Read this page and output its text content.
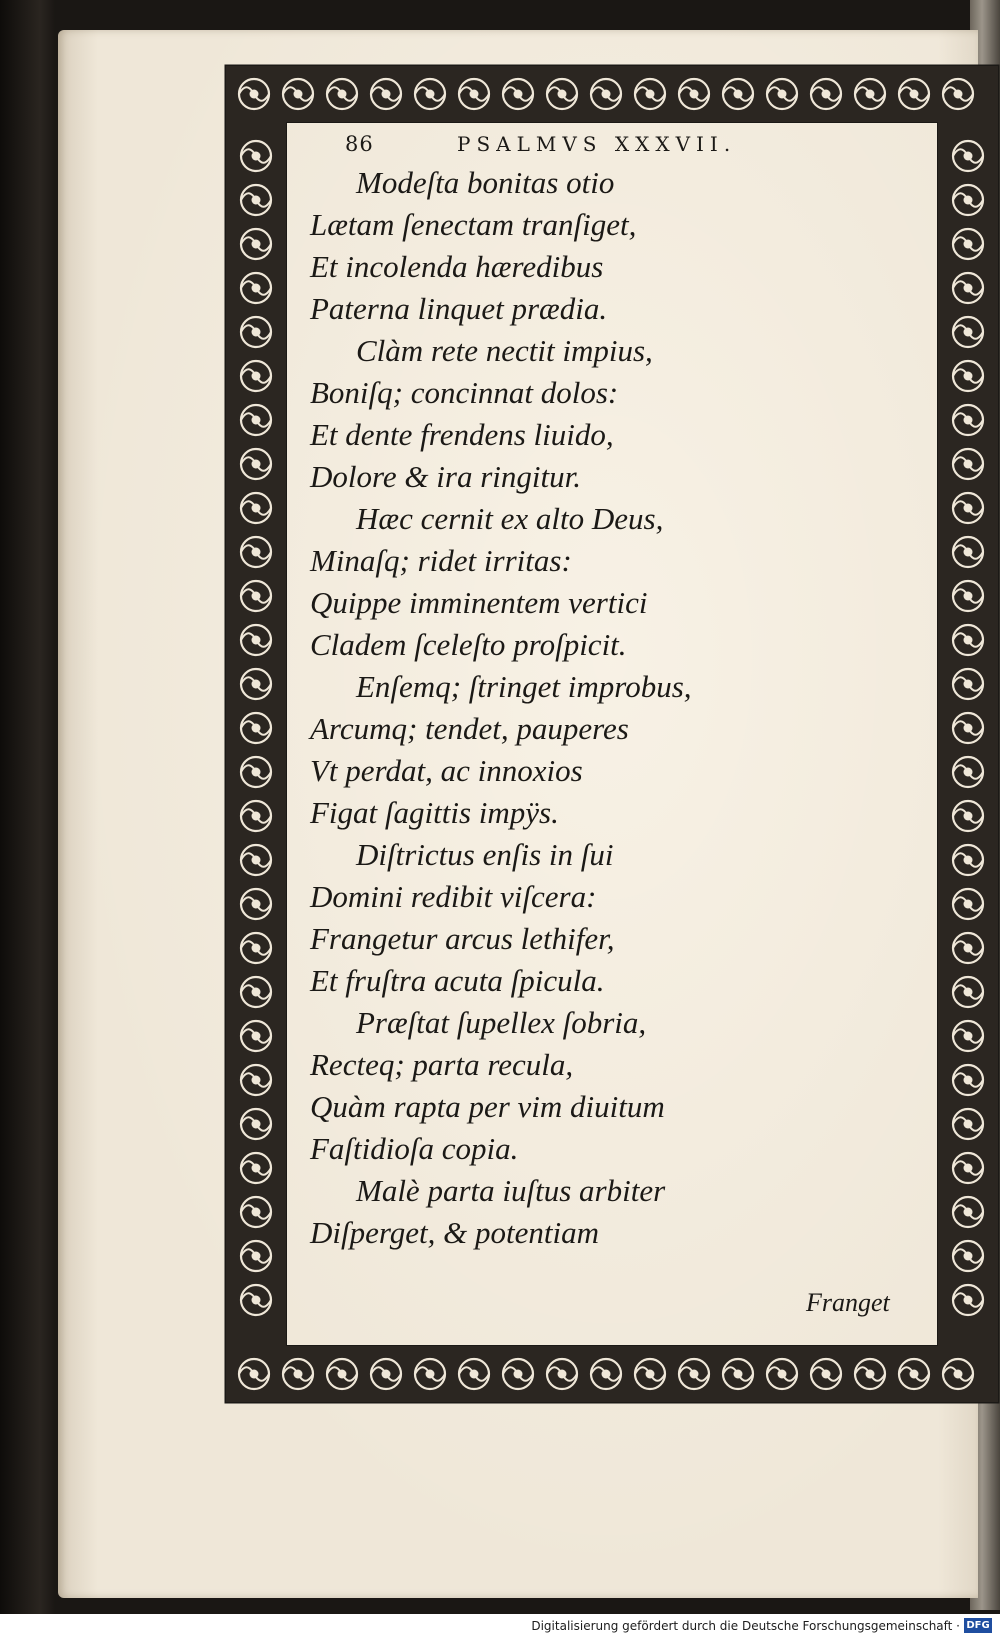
86	PSALMVS XXXVII.
Modeſta bonitas otio
Lætam ſenectam tranſiget,
Et incolenda hæredibus
Paterna linquet prædia.
Clàm rete nectit impius,
Boniſq; concinnat dolos:
Et dente frendens liuido,
Dolore & ira ringitur.
Hæc cernit ex alto Deus,
Minaſq; ridet irritas:
Quippe imminentem vertici
Cladem ſceleſto proſpicit.
Enſemq; ſtringet improbus,
Arcumq; tendet, pauperes
Vt perdat, ac innoxios
Figat ſagittis impÿs.
Diſtrictus enſis in ſui
Domini redibit viſcera:
Frangetur arcus lethifer,
Et fruſtra acuta ſpicula.
Præſtat ſupellex ſobria,
Recteq; parta recula,
Quàm rapta per vim diuitum
Faſtidioſa copia.
Malè parta iuſtus arbiter
Diſperget, & potentiam
Franget
Digitalisierung gefördert durch die Deutsche Forschungsgemeinschaft · DFG
